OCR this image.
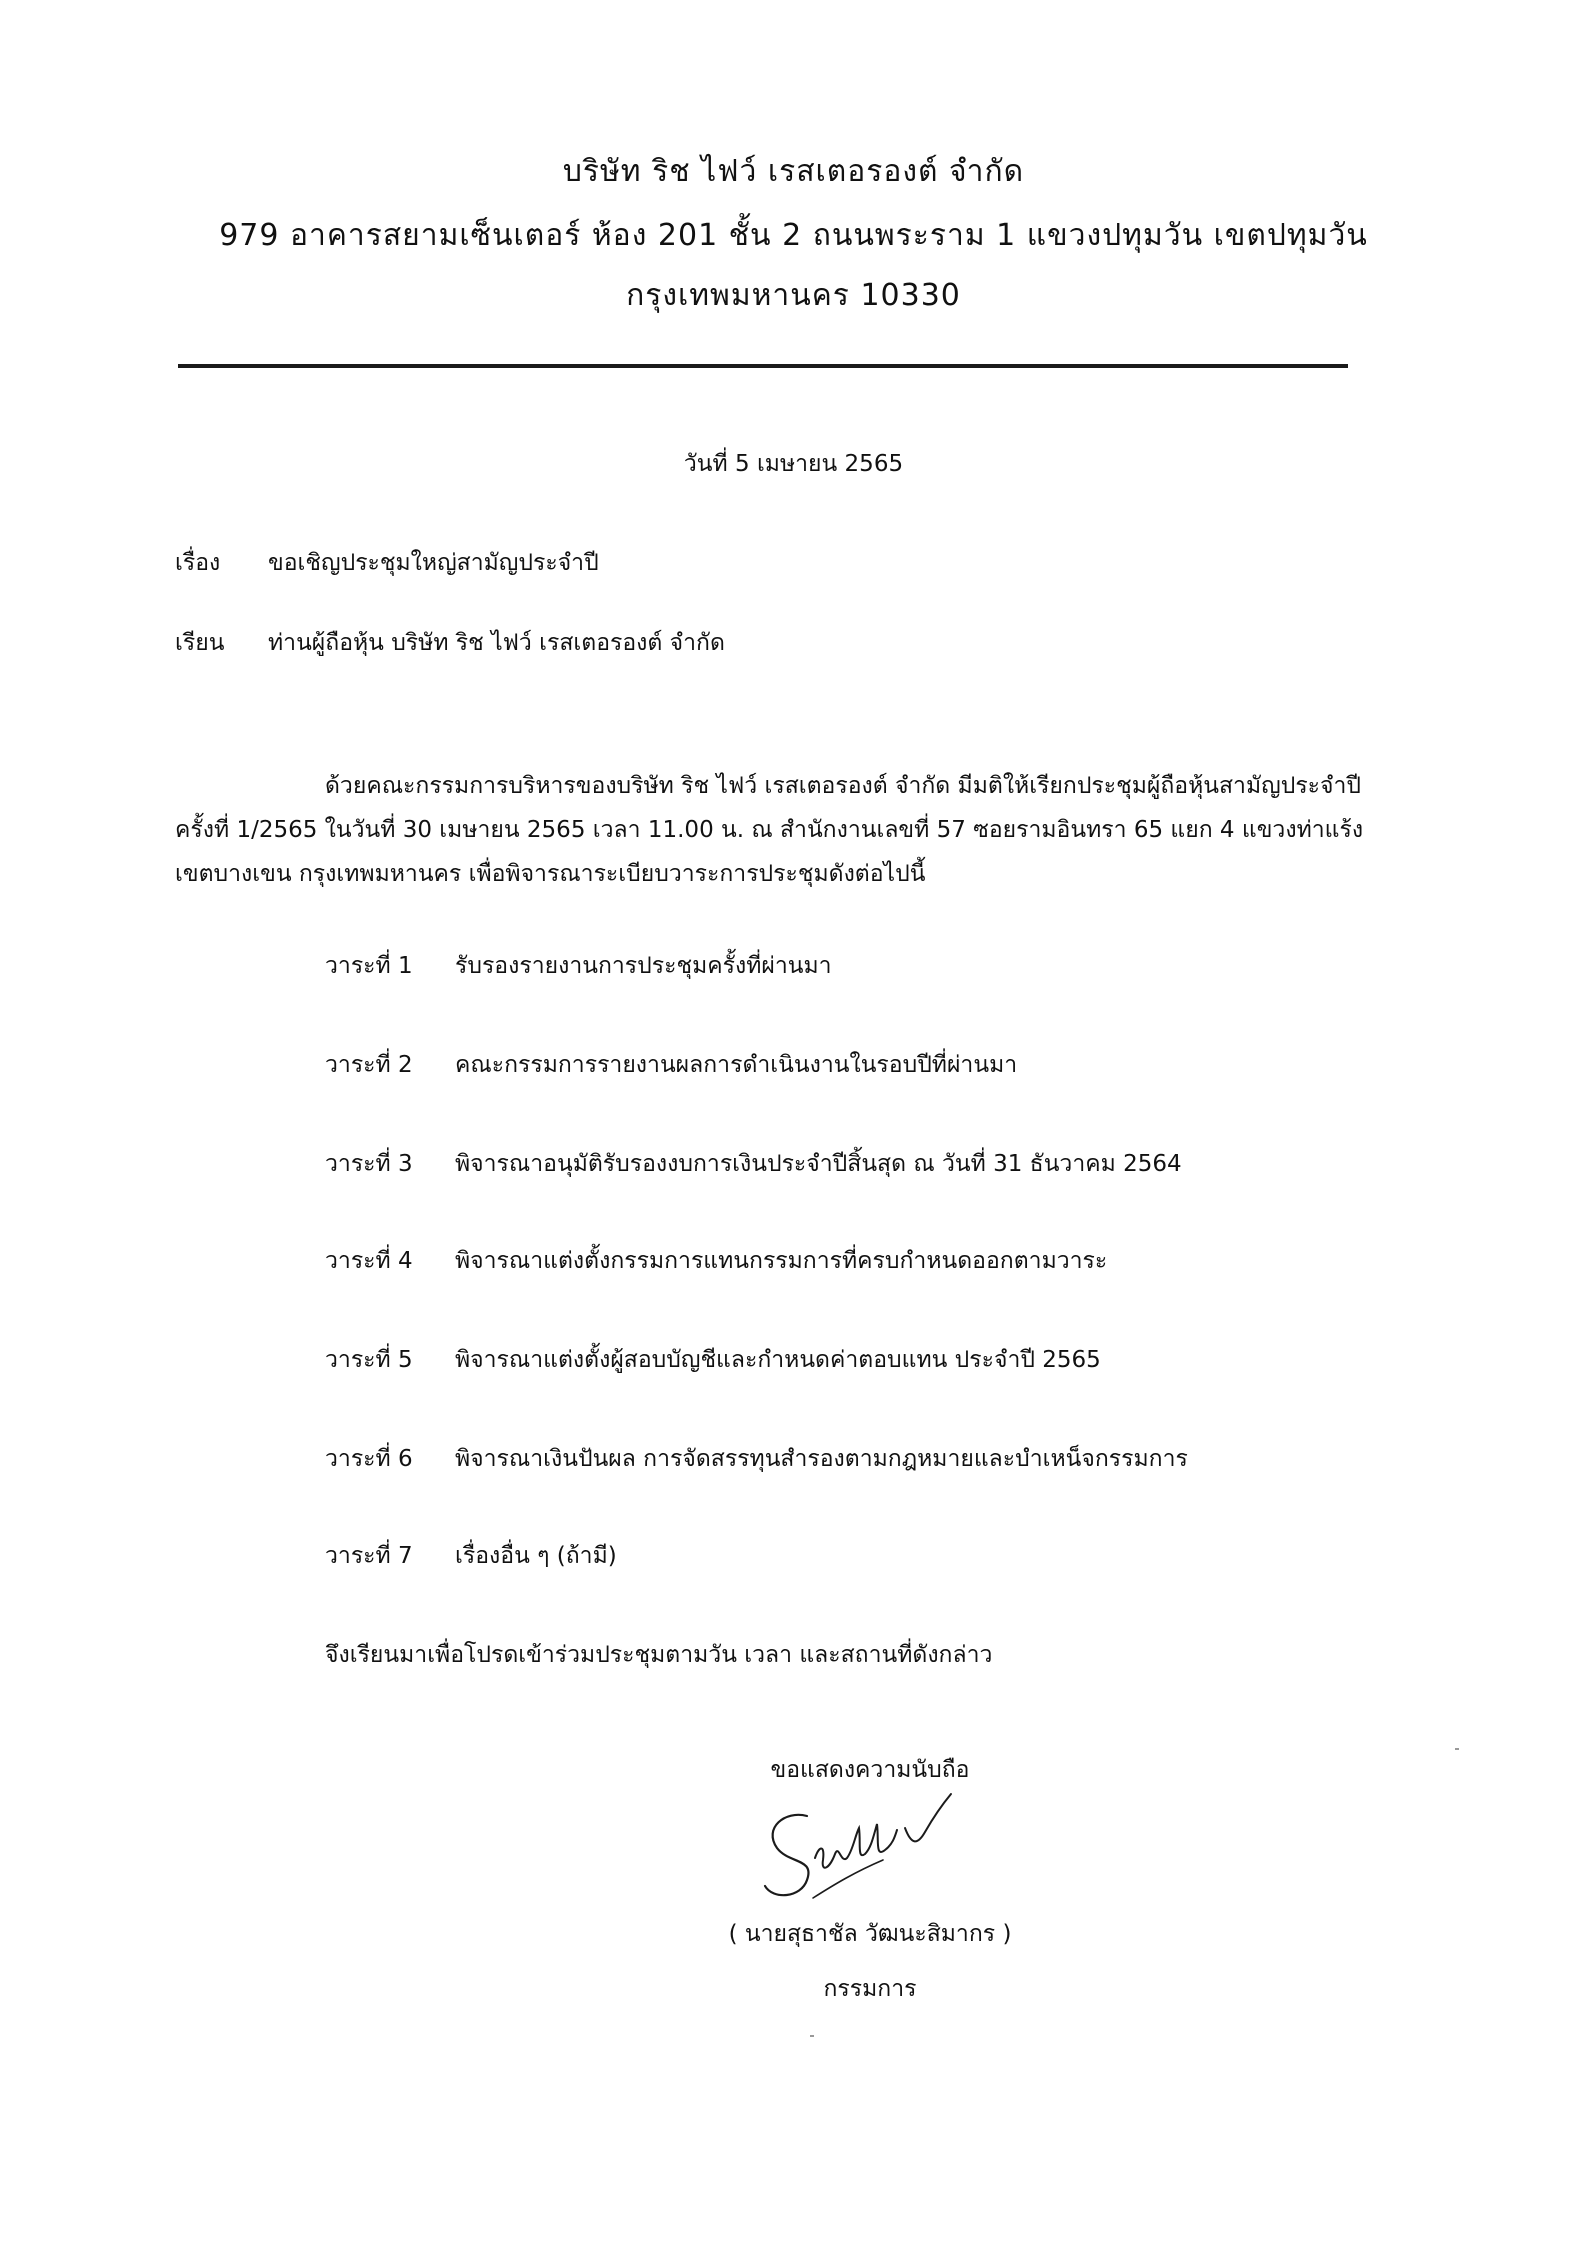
บริษัท ริช ไฟว์ เรสเตอรองต์ จำกัด
979 อาคารสยามเซ็นเตอร์ ห้อง 201 ชั้น 2 ถนนพระราม 1 แขวงปทุมวัน เขตปทุมวัน
กรุงเทพมหานคร 10330
วันที่ 5 เมษายน 2565
เรื่อง ขอเชิญประชุมใหญ่สามัญประจำปี
เรียน ท่านผู้ถือหุ้น บริษัท ริช ไฟว์ เรสเตอรองต์ จำกัด
ด้วยคณะกรรมการบริหารของบริษัท ริช ไฟว์ เรสเตอรองต์ จำกัด มีมติให้เรียกประชุมผู้ถือหุ้นสามัญประจำปี
ครั้งที่ 1/2565 ในวันที่ 30 เมษายน 2565 เวลา 11.00 น. ณ สำนักงานเลขที่ 57 ซอยรามอินทรา 65 แยก 4 แขวงท่าแร้ง
เขตบางเขน กรุงเทพมหานคร เพื่อพิจารณาระเบียบวาระการประชุมดังต่อไปนี้
วาระที่ 1 รับรองรายงานการประชุมครั้งที่ผ่านมา
วาระที่ 2 คณะกรรมการรายงานผลการดำเนินงานในรอบปีที่ผ่านมา
วาระที่ 3 พิจารณาอนุมัติรับรองงบการเงินประจำปีสิ้นสุด ณ วันที่ 31 ธันวาคม 2564
วาระที่ 4 พิจารณาแต่งตั้งกรรมการแทนกรรมการที่ครบกำหนดออกตามวาระ
วาระที่ 5 พิจารณาแต่งตั้งผู้สอบบัญชีและกำหนดค่าตอบแทน ประจำปี 2565
วาระที่ 6 พิจารณาเงินปันผล การจัดสรรทุนสำรองตามกฎหมายและบำเหน็จกรรมการ
วาระที่ 7 เรื่องอื่น ๆ (ถ้ามี)
จึงเรียนมาเพื่อโปรดเข้าร่วมประชุมตามวัน เวลา และสถานที่ดังกล่าว
ขอแสดงความนับถือ
( นายสุธาชัล วัฒนะสิมากร )
กรรมการ
